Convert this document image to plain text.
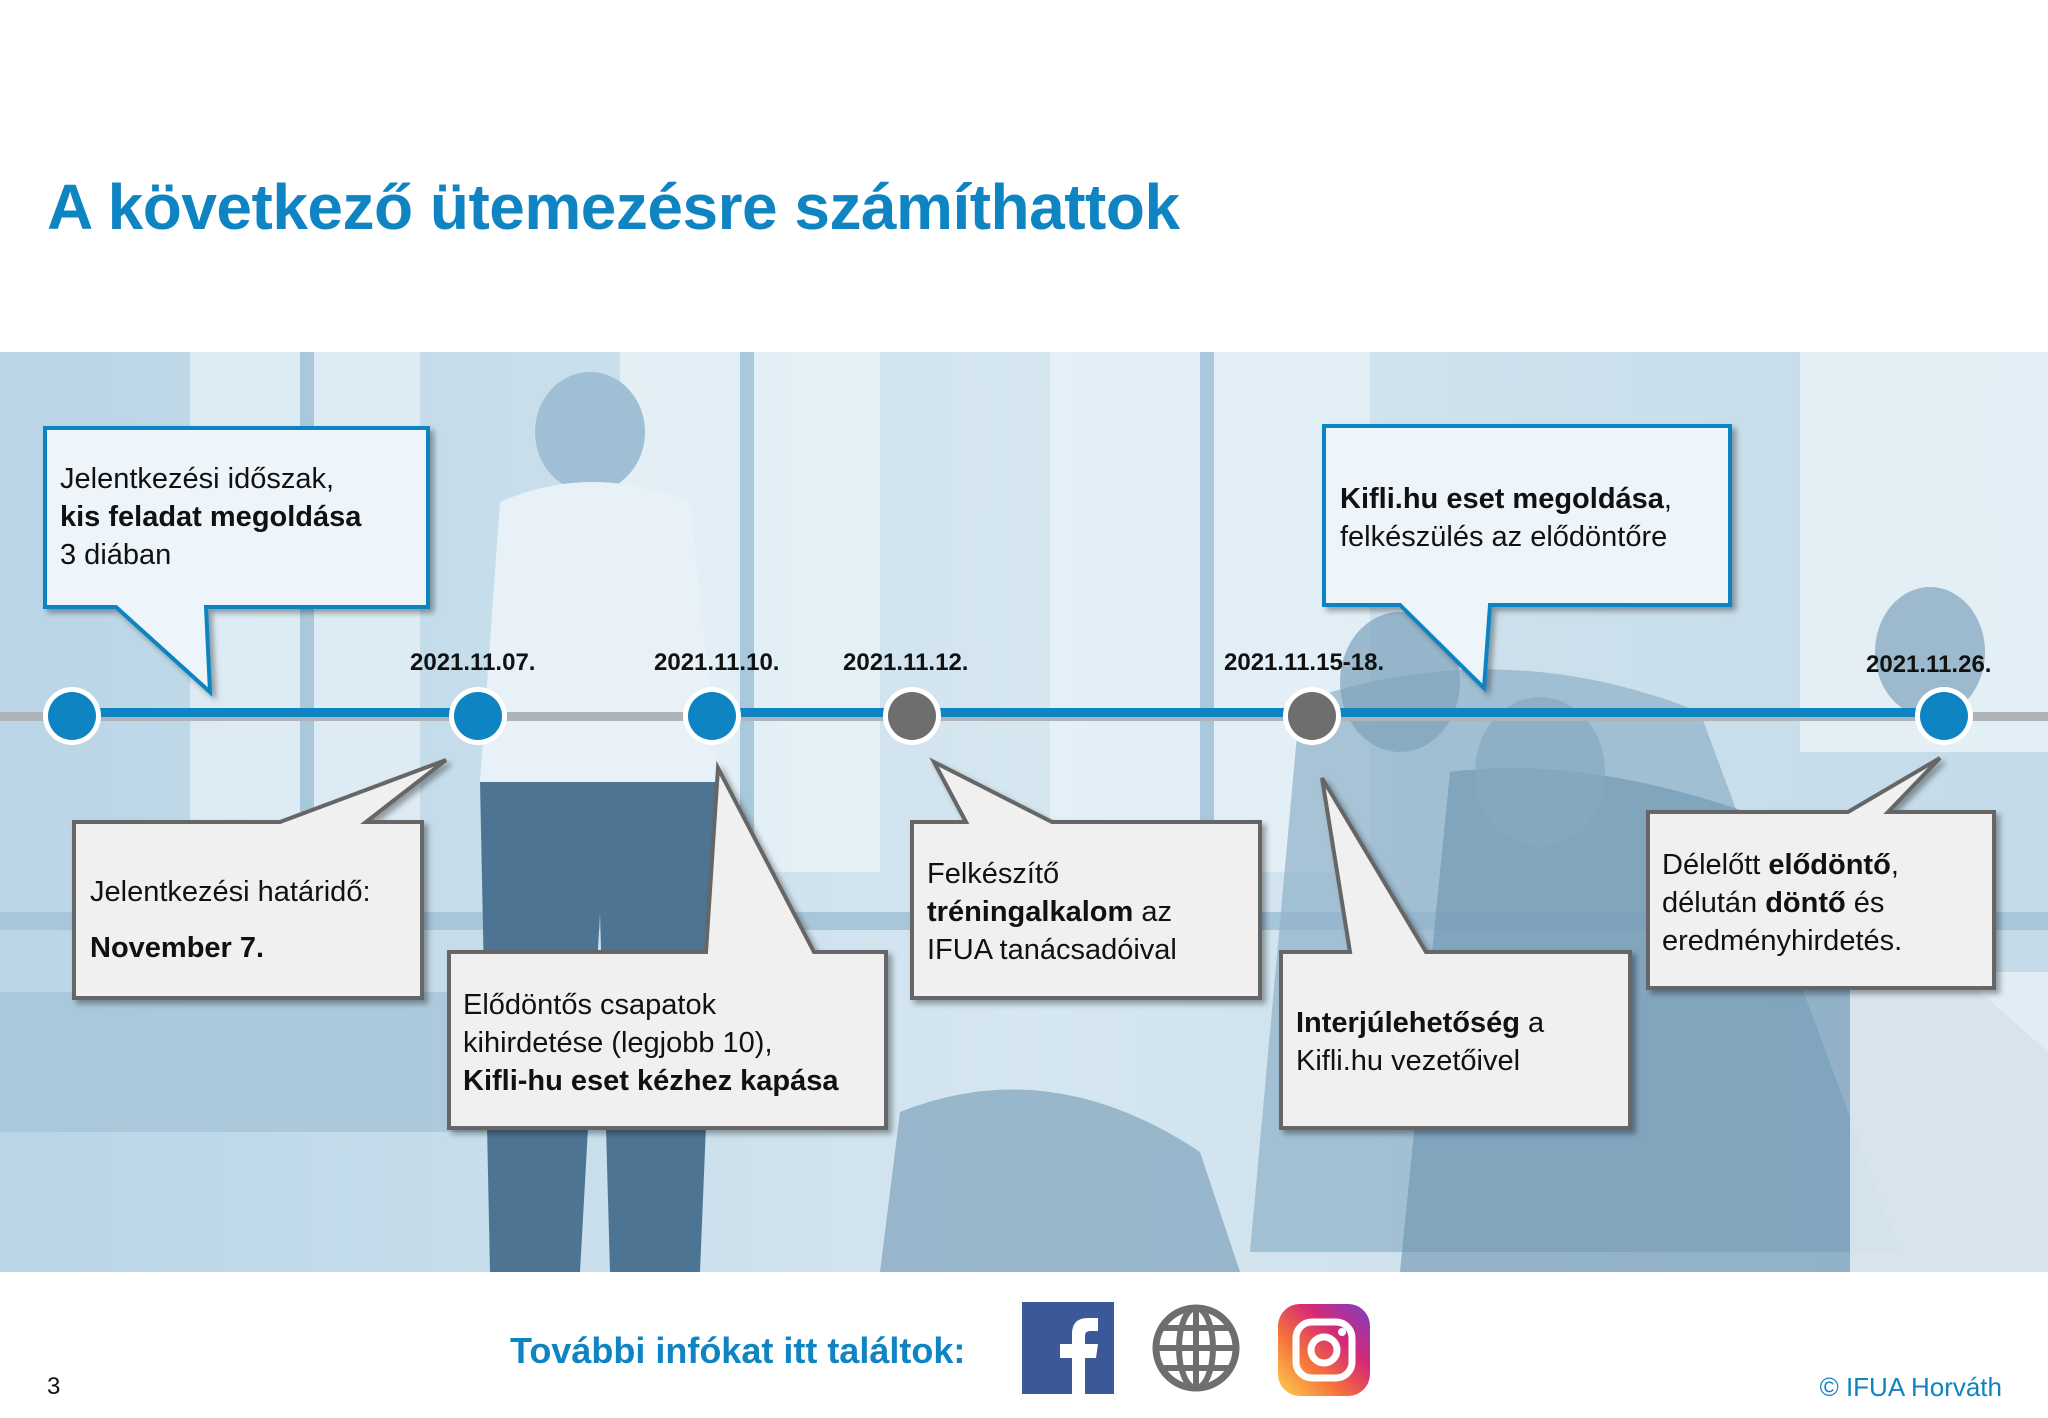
A következő ütemezésre számíthattok
2021.11.07.	2021.11.10.	2021.11.12.	2021.11.15-18.	2021.11.26.
Jelentkezési időszak,
kis feladat megoldása
3 diában
Kifli.hu eset megoldása,
felkészülés az elődöntőre
Jelentkezési határidő:
November 7.
Elődöntős csapatok
kihirdetése (legjobb 10),
Kifli-hu eset kézhez kapása
Felkészítő
tréningalkalom az
IFUA tanácsadóival
Interjúlehetőség a
Kifli.hu vezetőivel
Délelőtt elődöntő,
délután döntő és
eredményhirdetés.
További infókat itt találtok:
3	© IFUA Horváth
